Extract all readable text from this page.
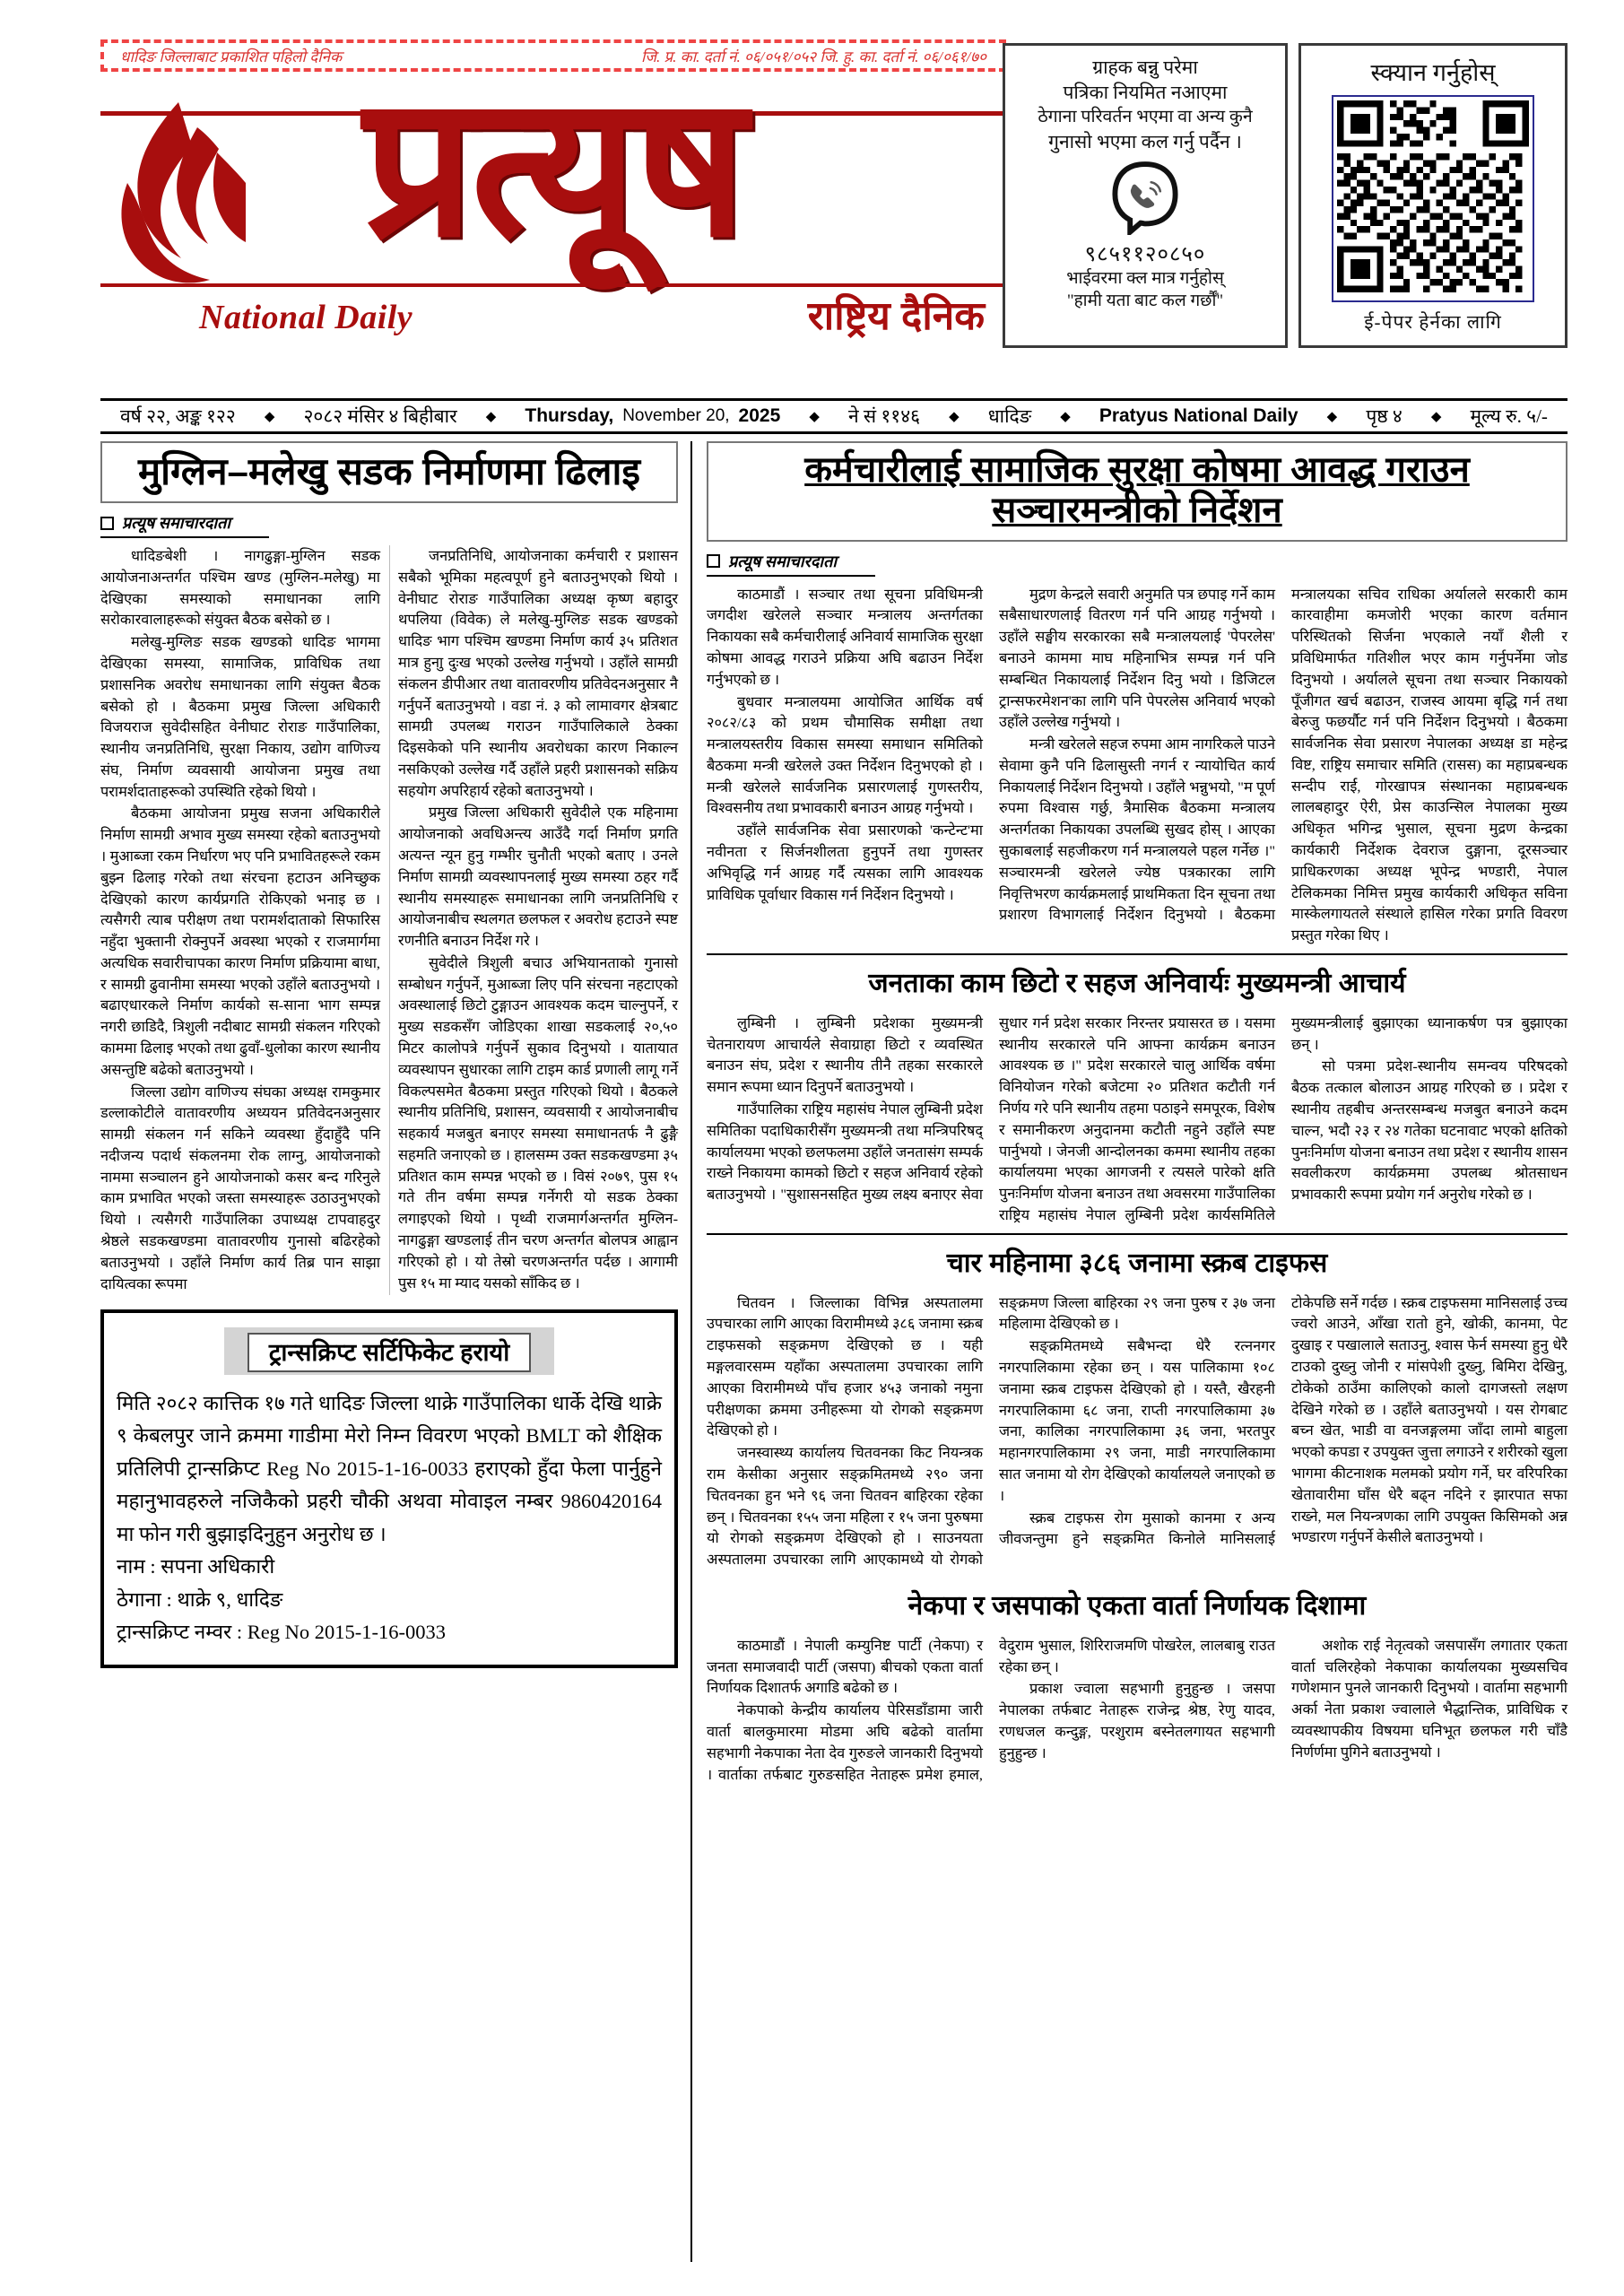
धादिङ जिल्लाबाट प्रकाशित पहिलो दैनिक	जि. प्र. का. दर्ता नं. ०६/०५१/०५२ जि. हु. का. दर्ता नं. ०६/०६१/७०
प्रत्यूष
National Daily	राष्ट्रिय दैनिक
ग्राहक बन्नु परेमा
पत्रिका नियमित नआएमा
ठेगाना परिवर्तन भएमा वा अन्य कुनै
गुनासो भएमा कल गर्नु पर्दैन ।
९८५११२०८५०
भाईवरमा क्ल मात्र गर्नुहोस्
"हामी यता बाट कल गर्छौँ"
स्क्यान गर्नुहोस्
ई-पेपर हेर्नका लागि
वर्ष २२, अङ्क १२२ ◆ २०८२ मंसिर ४ बिहीबार ◆ Thursday, November 20, 2025 ◆ ने सं ११४६ ◆ धादिङ ◆ Pratyus National Daily ◆ पृष्ठ ४ ◆ मूल्य रु. ५/-
मुग्लिन–मलेखु सडक निर्माणमा ढिलाइ
प्रत्यूष समाचारदाता

धादिङबेशी । नागढुङ्गा-मुग्लिन सडक आयोजनाअन्तर्गत पश्चिम खण्ड (मुग्लिन-मलेखु) मा देखिएका समस्याको समाधानका लागि सरोकारवालाहरूको संयुक्त बैठक बसेको छ ।

मलेखु-मुग्लिङ सडक खण्डको धादिङ भागमा देखिएका समस्या, सामाजिक, प्राविधिक तथा प्रशासनिक अवरोध समाधानका लागि संयुक्त बैठक बसेको हो । बैठकमा प्रमुख जिल्ला अधिकारी विजयराज सुवेदीसहित वेनीघाट रोराङ गाउँपालिका, स्थानीय जनप्रतिनिधि, सुरक्षा निकाय, उद्योग वाणिज्य संघ, निर्माण व्यवसायी आयोजना प्रमुख तथा परामर्शदाताहरूको उपस्थिति रहेको थियो ।

बैठकमा आयोजना प्रमुख सजना अधिकारीले निर्माण सामग्री अभाव मुख्य समस्या रहेको बताउनुभयो । मुआब्जा रकम निर्धारण भए पनि प्रभावितहरूले रकम बुझ्न ढिलाइ गरेको तथा संरचना हटाउन अनिच्छुक देखिएको कारण कार्यप्रगति रोकिएको भनाइ छ । त्यसैगरी त्याब परीक्षण तथा परामर्शदाताको सिफारिस नहुँदा भुक्तानी रोक्नुपर्ने अवस्था भएको र राजमार्गमा अत्यधिक सवारीचापका कारण निर्माण प्रक्रियामा बाधा, र सामग्री ढुवानीमा समस्या भएको उहाँले बताउनुभयो । बढाएधारकले निर्माण कार्यको स-साना भाग सम्पन्न नगरी छाडिदै, त्रिशुली नदीबाट सामग्री संकलन गरिएको काममा ढिलाइ भएको तथा ढुवाँ-धुलोका कारण स्थानीय असन्तुष्टि बढेको बताउनुभयो ।

जिल्ला उद्योग वाणिज्य संघका अध्यक्ष रामकुमार डल्लाकोटीले वातावरणीय अध्ययन प्रतिवेदनअनुसार सामग्री संकलन गर्न सकिने व्यवस्था हुँदाहुँदै पनि नदीजन्य पदार्थ संकलनमा रोक लाग्नु, आयोजनाको नाममा सञ्चालन हुने आयोजनाको कसर बन्द गरिनुले काम प्रभावित भएको जस्ता समस्याहरू उठाउनुभएको थियो । त्यसैगरी गाउँपालिका उपाध्यक्ष टापवाहदुर श्रेष्ठले सडकखण्डमा वातावरणीय गुनासो बढिरहेको बताउनुभयो । उहाँले निर्माण कार्य तिब्र पान साझा दायित्वका रूपमा

जनप्रतिनिधि, आयोजनाका कर्मचारी र प्रशासन सबैको भूमिका महत्वपूर्ण हुने बताउनुभएको थियो । वेनीघाट रोराङ गाउँपालिका अध्यक्ष कृष्ण बहादुर थपलिया (विवेक) ले मलेखु-मुग्लिङ सडक खण्डको धादिङ भाग पश्चिम खण्डमा निर्माण कार्य ३५ प्रतिशत मात्र हुनाु दुःख भएको उल्लेख गर्नुभयो । उहाँले सामग्री संकलन डीपीआर तथा वातावरणीय प्रतिवेदनअनुसार नै गर्नुपर्ने बताउनुभयो । वडा नं. ३ को लामावगर क्षेत्रबाट सामग्री उपलब्ध गराउन गाउँपालिकाले ठेक्का दिइसकेको पनि स्थानीय अवरोधका कारण निकाल्न नसकिएको उल्लेख गर्दै उहाँले प्रहरी प्रशासनको सक्रिय सहयोग अपरिहार्य रहेको बताउनुभयो ।

प्रमुख जिल्ला अधिकारी सुवेदीले एक महिनामा आयोजनाको अवधिअन्त्य आउँदै गर्दा निर्माण प्रगति अत्यन्त न्यून हुनु गम्भीर चुनौती भएको बताए । उनले निर्माण सामग्री व्यवस्थापनलाई मुख्य समस्या ठहर गर्दै स्थानीय समस्याहरू समाधानका लागि जनप्रतिनिधि र आयोजनाबीच स्थलगत छलफल र अवरोध हटाउने स्पष्ट रणनीति बनाउन निर्देश गरे ।

सुवेदीले त्रिशुली बचाउ अभियानताको गुनासो सम्बोधन गर्नुपर्ने, मुआब्जा लिए पनि संरचना नहटाएको अवस्थालाई छिटो टुङ्गाउन आवश्यक कदम चाल्नुपर्ने, र मुख्य सडकसँग जोडिएका शाखा सडकलाई २०,५० मिटर कालोपत्रे गर्नुपर्ने सुकाव दिनुभयो । यातायात व्यवस्थापन सुधारका लागि टाइम कार्ड प्रणाली लागू गर्ने विकल्पसमेत बैठकमा प्रस्तुत गरिएको थियो । बैठकले स्थानीय प्रतिनिधि, प्रशासन, व्यवसायी र आयोजनाबीच सहकार्य मजबुत बनाएर समस्या समाधानतर्फ नै ढुङ्गै सहमति जनाएको छ । हालसम्म उक्त सडकखण्डमा ३५ प्रतिशत काम सम्पन्न भएको छ । विसं २०७९, पुस १५ गते तीन वर्षमा सम्पन्न गर्नेगरी यो सडक ठेक्का लगाइएको थियो । पृथ्वी राजमार्गअन्तर्गत मुग्लिन-नागढुङ्गा खण्डलाई तीन चरण अन्तर्गत बोलपत्र आह्वान गरिएको हो । यो तेस्रो चरणअन्तर्गत पर्दछ । आगामी पुस १५ मा म्याद यसको साँकिद छ ।

ट्रान्सक्रिप्ट सर्टिफिकेट हरायो

मिति २०८२ कात्तिक १७ गते धादिङ जिल्ला थाक्रे गाउँपालिका धार्के देखि थाक्रे ९ केबलपुर जाने क्रममा गाडीमा मेरो निम्न विवरण भएको BMLT को शैक्षिक प्रतिलिपी ट्रान्सक्रिप्ट Reg No 2015-1-16-0033 हराएको हुँदा फेला पार्नुहुने महानुभावहरुले नजिकैको प्रहरी चौकी अथवा मोवाइल नम्बर 9860420164 मा फोन गरी बुझाइदिनुहुन अनुरोध छ ।

नाम : सपना अधिकारी

ठेगाना : थाक्रे ९, धादिङ

ट्रान्सक्रिप्ट नम्वर : Reg No 2015-1-16-0033

कर्मचारीलाई सामाजिक सुरक्षा कोषमा आवद्ध गराउन
सञ्चारमन्त्रीको निर्देशन
प्रत्यूष समाचारदाता

काठमाडौं । सञ्चार तथा सूचना प्रविधिमन्त्री जगदीश खरेलले सञ्चार मन्त्रालय अन्तर्गतका निकायका सबै कर्मचारीलाई अनिवार्य सामाजिक सुरक्षा कोषमा आवद्ध गराउने प्रक्रिया अघि बढाउन निर्देश गर्नुभएको छ ।

बुधवार मन्त्रालयमा आयोजित आर्थिक वर्ष २०८२/८३ को प्रथम चौमासिक समीक्षा तथा मन्त्रालयस्तरीय विकास समस्या समाधान समितिको बैठकमा मन्त्री खरेलले उक्त निर्देशन दिनुभएको हो । मन्त्री खरेलले सार्वजनिक प्रसारणलाई गुणस्तरीय, विश्वसनीय तथा प्रभावकारी बनाउन आग्रह गर्नुभयो ।

उहाँले सार्वजनिक सेवा प्रसारणको 'कन्टेन्ट'मा नवीनता र सिर्जनशीलता हुनुपर्ने तथा गुणस्तर अभिवृद्धि गर्न आग्रह गर्दै त्यसका लागि आवश्यक प्राविधिक पूर्वाधार विकास गर्न निर्देशन दिनुभयो ।

मुद्रण केन्द्रले सवारी अनुमति पत्र छपाइ गर्ने काम सबैसाधारणलाई वितरण गर्न पनि आग्रह गर्नुभयो । उहाँले सङ्घीय सरकारका सबै मन्त्रालयलाई 'पेपरलेस' बनाउने काममा माघ महिनाभित्र सम्पन्न गर्न पनि सम्बन्धित निकायलाई निर्देशन दिनु भयो । डिजिटल ट्रान्सफरमेशन'का लागि पनि पेपरलेस अनिवार्य भएको उहाँले उल्लेख गर्नुभयो ।

मन्त्री खरेलले सहज रुपमा आम नागरिकले पाउने सेवामा कुनै पनि ढिलासुस्ती नगर्न र न्यायोचित कार्य निकायलाई निर्देशन दिनुभयो । उहाँले भन्नुभयो, "म पूर्ण रुपमा विश्वास गर्छु, त्रैमासिक बैठकमा मन्त्रालय अन्तर्गतका निकायका उपलब्धि सुखद होस् । आएका सुकाबलाई सहजीकरण गर्न मन्त्रालयले पहल गर्नेछ ।" सञ्चारमन्त्री खरेलले ज्येष्ठ पत्रकारका लागि निवृत्तिभरण कार्यक्रमलाई प्राथमिकता दिन सूचना तथा प्रशारण विभागलाई निर्देशन दिनुभयो । बैठकमा मन्त्रालयका सचिव राधिका अर्यालले सरकारी काम कारवाहीमा कमजोरी भएका कारण वर्तमान परिस्थितको सिर्जना भएकाले नयाँ शैली र प्रविधिमार्फत गतिशील भएर काम गर्नुपर्नेमा जोड दिनुभयो । अर्यालले सूचना तथा सञ्चार निकायको पूँजीगत खर्च बढाउन, राजस्व आयमा बृद्धि गर्न तथा बेरुजु फछर्यौट गर्न पनि निर्देशन दिनुभयो । बैठकमा सार्वजनिक सेवा प्रसारण नेपालका अध्यक्ष डा महेन्द्र विष्ट, राष्ट्रिय समाचार समिति (रासस) का महाप्रबन्धक सन्दीप रार्ई, गोरखापत्र संस्थानका महाप्रबन्धक लालबहादुर ऐरी, प्रेस काउन्सिल नेपालका मुख्य अधिकृत भगिन्द्र भुसाल, सूचना मुद्रण केन्द्रका कार्यकारी निर्देशक देवराज दुङ्गाना, दूरसञ्चार प्राधिकरणका अध्यक्ष भूपेन्द्र भण्डारी, नेपाल टेलिकमका निमित्त प्रमुख कार्यकारी अधिकृत सविना मास्केलगायतले संस्थाले हासिल गरेका प्रगति विवरण प्रस्तुत गरेका थिए ।

जनताका काम छिटो र सहज अनिवार्यः मुख्यमन्त्री आचार्य

लुम्बिनी । लुम्बिनी प्रदेशका मुख्यमन्त्री चेतनारायण आचार्यले सेवाग्राहा छिटो र व्यवस्थित बनाउन संघ, प्रदेश र स्थानीय तीनै तहका सरकारले समान रूपमा ध्यान दिनुपर्ने बताउनुभयो ।

गाउँपालिका राष्ट्रिय महासंघ नेपाल लुम्बिनी प्रदेश समितिका पदाधिकारीसँग मुख्यमन्त्री तथा मन्त्रिपरिषद् कार्यालयमा भएको छलफलमा उहाँले जनतासंग सम्पर्क राख्ने निकायमा कामको छिटो र सहज अनिवार्य रहेको बताउनुभयो । "सुशासनसहित मुख्य लक्ष्य बनाएर सेवा सुधार गर्न प्रदेश सरकार निरन्तर प्रयासरत छ । यसमा स्थानीय सरकारले पनि आफ्ना कार्यक्रम बनाउन आवश्यक छ ।" प्रदेश सरकारले चालु आर्थिक वर्षमा विनियोजन गरेको बजेटमा २० प्रतिशत कटौती गर्न निर्णय गरे पनि स्थानीय तहमा पठाइने समपूरक, विशेष र समानीकरण अनुदानमा कटौती नहुने उहाँले स्पष्ट पार्नुभयो । जेनजी आन्दोलनका कममा स्थानीय तहका कार्यालयमा भएका आगजनी र त्यसले पारेको क्षति पुनःनिर्माण योजना बनाउन तथा अवसरमा गाउँपालिका राष्ट्रिय महासंघ नेपाल लुम्बिनी प्रदेश कार्यसमितिले मुख्यमन्त्रीलाई बुझाएका ध्यानाकर्षण पत्र बुझाएका छन् ।

सो पत्रमा प्रदेश-स्थानीय समन्वय परिषदको बैठक तत्काल बोलाउन आग्रह गरिएको छ । प्रदेश र स्थानीय तहबीच अन्तरसम्बन्ध मजबुत बनाउने कदम चाल्न, भदौ २३ र २४ गतेका घटनावाट भएको क्षतिको पुनःनिर्माण योजना बनाउन तथा प्रदेश र स्थानीय शासन सवलीकरण कार्यक्रममा उपलब्ध श्रोतसाधन प्रभावकारी रूपमा प्रयोग गर्न अनुरोध गरेको छ ।

चार महिनामा ३८६ जनामा स्क्रब टाइफस

चितवन । जिल्लाका विभिन्न अस्पतालमा उपचारका लागि आएका विरामीमध्ये ३८६ जनामा स्क्रब टाइफसको सङ्क्रमण देखिएको छ । यही मङ्गलवारसम्म यहाँका अस्पतालमा उपचारका लागि आएका विरामीमध्ये पाँच हजार ४५३ जनाको नमुना परीक्षणका क्रममा उनीहरूमा यो रोगको सङ्क्रमण देखिएको हो ।

जनस्वास्थ्य कार्यालय चितवनका किट नियन्त्रक राम केसीका अनुसार सङ्क्रमितमध्ये २९० जना चितवनका हुन भने ९६ जना चितवन बाहिरका रहेका छन् । चितवनका १५५ जना महिला र १५ जना पुरुषमा यो रोगको सङ्क्रमण देखिएको हो । साउनयता अस्पतालमा उपचारका लागि आएकामध्ये यो रोगको सङ्क्रमण जिल्ला बाहिरका २९ जना पुरुष र ३७ जना महिलामा देखिएको छ ।

सङ्क्रमितमध्ये सबैभन्दा धेरै रत्ननगर नगरपालिकामा रहेका छन् । यस पालिकामा १०८ जनामा स्क्रब टाइफस देखिएको हो । यस्तै, खैरहनी नगरपालिकामा ६८ जना, राप्ती नगरपालिकामा ३७ जना, कालिका नगरपालिकामा ३६ जना, भरतपुर महानगरपालिकामा २९ जना, माडी नगरपालिकामा सात जनामा यो रोग देखिएको कार्यालयले जनाएको छ ।

स्क्रब टाइफस रोग मुसाको कानमा र अन्य जीवजन्तुमा हुने सङ्क्रमित किनोले मानिसलाई टोकेपछि सर्ने गर्दछ । स्क्रब टाइफसमा मानिसलाई उच्च ज्वरो आउने, आँखा रातो हुने, खोकी, कानमा, पेट दुखाइ र पखालाले सताउनु, श्वास फेर्न समस्या हुनु धेरै टाउको दुख्नु जोनी र मांसपेशी दुख्नु, बिमिरा देखिनु, टोकेको ठाउँमा कालिएको कालो दागजस्तो लक्षण देखिने गरेको छ । उहाँले बताउनुभयो । यस रोगबाट बच्न खेत, भाडी वा वनजङ्गलमा जाँदा लामो बाहुला भएको कपडा र उपयुक्त जुत्ता लगाउने र शरीरको खुला भागमा कीटनाशक मलमको प्रयोग गर्ने, घर वरिपरिका खेतावारीमा घाँस धेरै बढ्न नदिने र झारपात सफा राख्ने, मल नियन्त्रणका लागि उपयुक्त किसिमको अन्न भण्डारण गर्नुपर्ने केसीले बताउनुभयो ।

नेकपा र जसपाको एकता वार्ता निर्णायक दिशामा

काठमाडौं । नेपाली कम्युनिष्ट पार्टी (नेकपा) र जनता समाजवादी पार्टी (जसपा) बीचको एकता वार्ता निर्णायक दिशातर्फ अगाडि बढेको छ ।

नेकपाको केन्द्रीय कार्यालय पेरिसडाँडामा जारी वार्ता बालकुमारमा मोडमा अघि बढेको वार्तामा सहभागी नेकपाका नेता देव गुरुङले जानकारी दिनुभयो । वार्ताका तर्फबाट गुरुङसहित नेताहरू प्रमेश हमाल, वेदुराम भुसाल, शिरिराजमणि पोखरेल, लालबाबु राउत रहेका छन् ।

प्रकाश ज्वाला सहभागी हुनुहुन्छ । जसपा नेपालका तर्फबाट नेताहरू राजेन्द्र श्रेष्ठ, रेणु यादव, रणधजल कन्दुङ्ग, परशुराम बस्नेतलगायत सहभागी हुनुहुन्छ ।

अशोक राई नेतृत्वको जसपासँग लगातार एकता वार्ता चलिरहेको नेकपाका कार्यालयका मुख्यसचिव गणेशमान पुनले जानकारी दिनुभयो । वार्तामा सहभागी अर्का नेता प्रकाश ज्वालाले भैद्धान्तिक, प्राविधिक र व्यवस्थापकीय विषयमा घनिभूत छलफल गरी चाँडै निर्णर्णमा पुगिने बताउनुभयो ।
